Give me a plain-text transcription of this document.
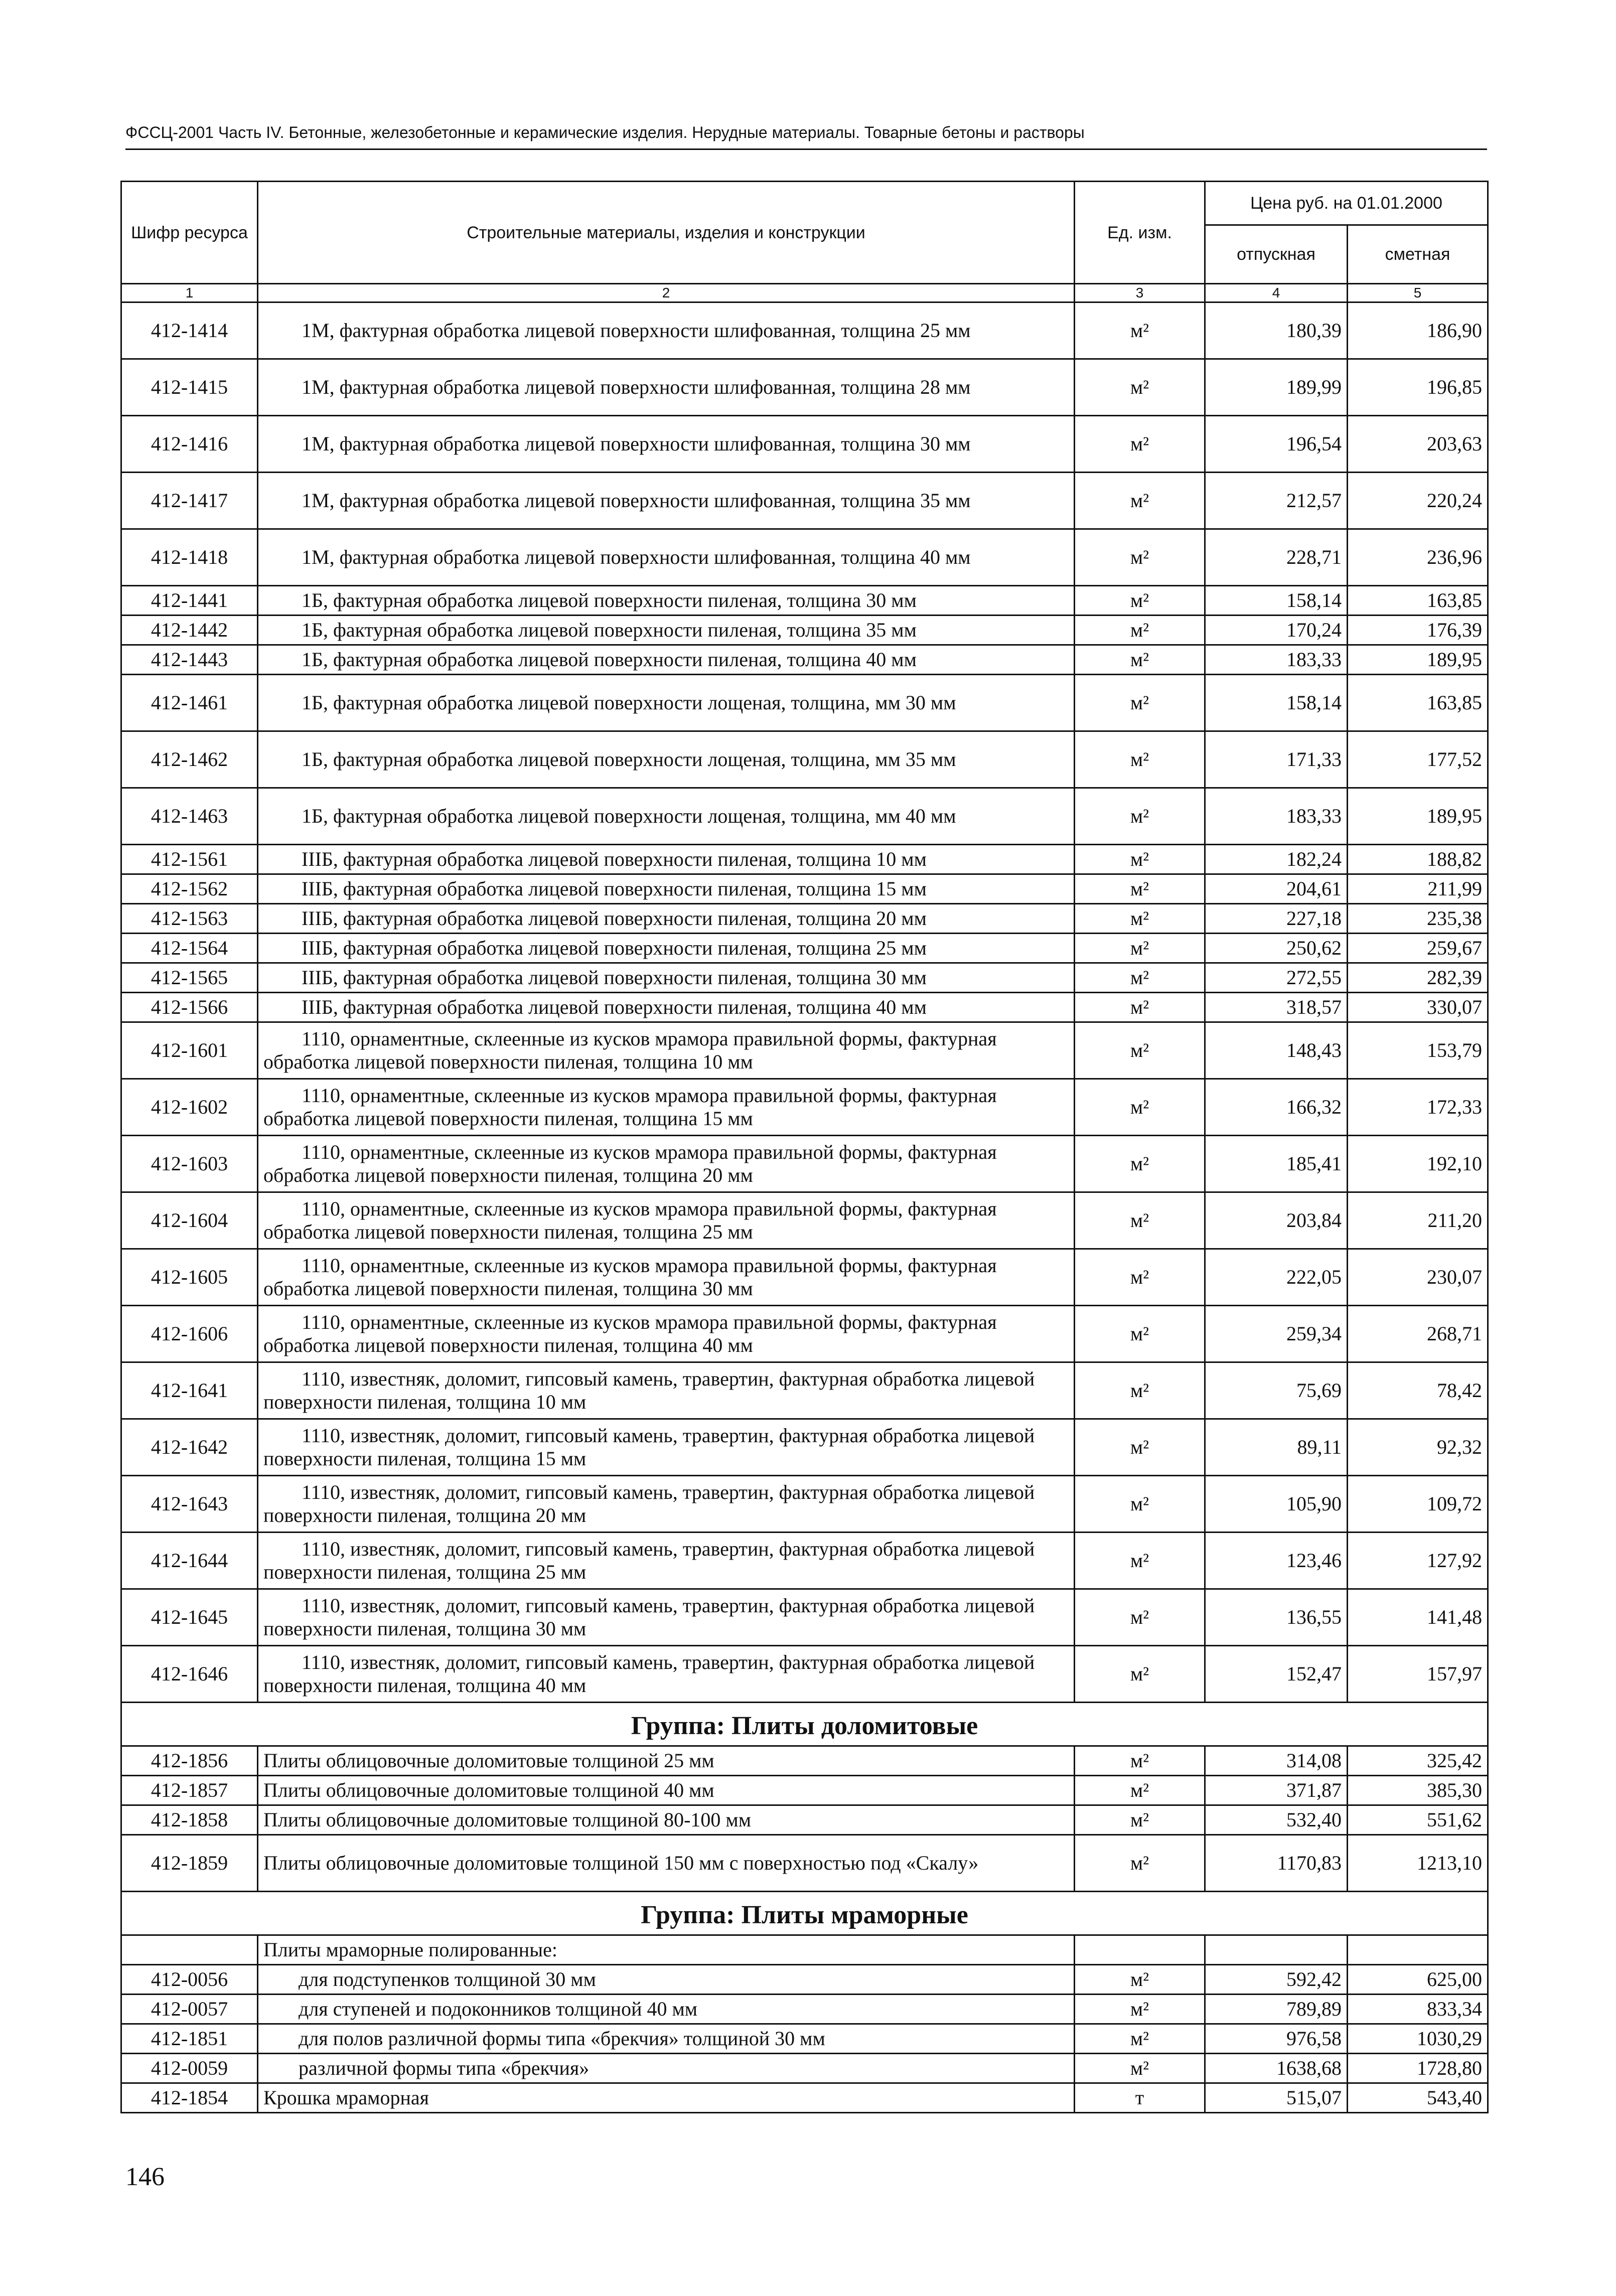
ФССЦ-2001 Часть IV. Бетонные, железобетонные и керамические изделия. Нерудные материалы. Товарные бетоны и растворы
Шифр ресурса	Строительные материалы, изделия и конструкции	Ед. изм.	Цена руб. на 01.01.2000	
			отпускная	сметная
1	2	3	4	5
412-1414	1М, фактурная обработка лицевой поверхности шлифованная, толщина 25 мм	м²	180,39	186,90
412-1415	1М, фактурная обработка лицевой поверхности шлифованная, толщина 28 мм	м²	189,99	196,85
412-1416	1М, фактурная обработка лицевой поверхности шлифованная, толщина 30 мм	м²	196,54	203,63
412-1417	1М, фактурная обработка лицевой поверхности шлифованная, толщина 35 мм	м²	212,57	220,24
412-1418	1М, фактурная обработка лицевой поверхности шлифованная, толщина 40 мм	м²	228,71	236,96
412-1441	1Б, фактурная обработка лицевой поверхности пиленая, толщина 30 мм	м²	158,14	163,85
412-1442	1Б, фактурная обработка лицевой поверхности пиленая, толщина 35 мм	м²	170,24	176,39
412-1443	1Б, фактурная обработка лицевой поверхности пиленая, толщина 40 мм	м²	183,33	189,95
412-1461	1Б, фактурная обработка лицевой поверхности лощеная, толщина, мм 30 мм	м²	158,14	163,85
412-1462	1Б, фактурная обработка лицевой поверхности лощеная, толщина, мм 35 мм	м²	171,33	177,52
412-1463	1Б, фактурная обработка лицевой поверхности лощеная, толщина, мм 40 мм	м²	183,33	189,95
412-1561	IIIБ, фактурная обработка лицевой поверхности пиленая, толщина 10 мм	м²	182,24	188,82
412-1562	IIIБ, фактурная обработка лицевой поверхности пиленая, толщина 15 мм	м²	204,61	211,99
412-1563	IIIБ, фактурная обработка лицевой поверхности пиленая, толщина 20 мм	м²	227,18	235,38
412-1564	IIIБ, фактурная обработка лицевой поверхности пиленая, толщина 25 мм	м²	250,62	259,67
412-1565	IIIБ, фактурная обработка лицевой поверхности пиленая, толщина 30 мм	м²	272,55	282,39
412-1566	IIIБ, фактурная обработка лицевой поверхности пиленая, толщина 40 мм	м²	318,57	330,07
412-1601	1110, орнаментные, склеенные из кусков мрамора правильной формы, фактурная обработка лицевой поверхности пиленая, толщина 10 мм	м²	148,43	153,79
412-1602	1110, орнаментные, склеенные из кусков мрамора правильной формы, фактурная обработка лицевой поверхности пиленая, толщина 15 мм	м²	166,32	172,33
412-1603	1110, орнаментные, склеенные из кусков мрамора правильной формы, фактурная обработка лицевой поверхности пиленая, толщина 20 мм	м²	185,41	192,10
412-1604	1110, орнаментные, склеенные из кусков мрамора правильной формы, фактурная обработка лицевой поверхности пиленая, толщина 25 мм	м²	203,84	211,20
412-1605	1110, орнаментные, склеенные из кусков мрамора правильной формы, фактурная обработка лицевой поверхности пиленая, толщина 30 мм	м²	222,05	230,07
412-1606	1110, орнаментные, склеенные из кусков мрамора правильной формы, фактурная обработка лицевой поверхности пиленая, толщина 40 мм	м²	259,34	268,71
412-1641	1110, известняк, доломит, гипсовый камень, травертин, фактурная обработка лицевой поверхности пиленая, толщина 10 мм	м²	75,69	78,42
412-1642	1110, известняк, доломит, гипсовый камень, травертин, фактурная обработка лицевой поверхности пиленая, толщина 15 мм	м²	89,11	92,32
412-1643	1110, известняк, доломит, гипсовый камень, травертин, фактурная обработка лицевой поверхности пиленая, толщина 20 мм	м²	105,90	109,72
412-1644	1110, известняк, доломит, гипсовый камень, травертин, фактурная обработка лицевой поверхности пиленая, толщина 25 мм	м²	123,46	127,92
412-1645	1110, известняк, доломит, гипсовый камень, травертин, фактурная обработка лицевой поверхности пиленая, толщина 30 мм	м²	136,55	141,48
412-1646	1110, известняк, доломит, гипсовый камень, травертин, фактурная обработка лицевой поверхности пиленая, толщина 40 мм	м²	152,47	157,97
Группа: Плиты доломитовые				
412-1856	Плиты облицовочные доломитовые толщиной 25 мм	м²	314,08	325,42
412-1857	Плиты облицовочные доломитовые толщиной 40 мм	м²	371,87	385,30
412-1858	Плиты облицовочные доломитовые толщиной 80-100 мм	м²	532,40	551,62
412-1859	Плиты облицовочные доломитовые толщиной 150 мм с поверхностью под «Скалу»	м²	1170,83	1213,10
Группа: Плиты мраморные				
	Плиты мраморные полированные:			
412-0056	для подступенков толщиной 30 мм	м²	592,42	625,00
412-0057	для ступеней и подоконников толщиной 40 мм	м²	789,89	833,34
412-1851	для полов различной формы типа «брекчия» толщиной 30 мм	м²	976,58	1030,29
412-0059	различной формы типа «брекчия»	м²	1638,68	1728,80
412-1854	Крошка мраморная	т	515,07	543,40
146
